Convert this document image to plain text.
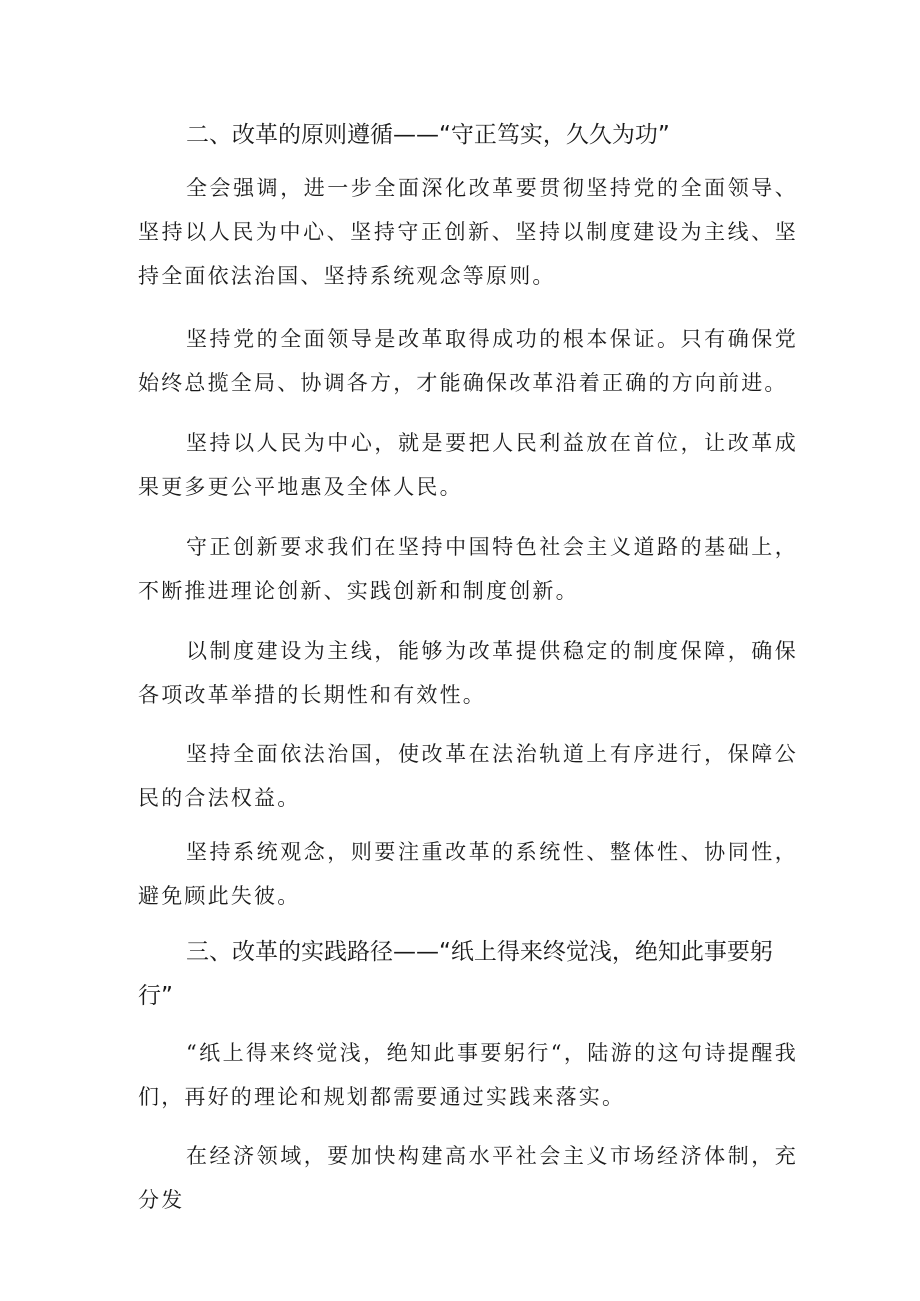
二、改革的原则遵循——“守正笃实，久久为功”

全会强调，进一步全面深化改革要贯彻坚持党的全面领导、坚持以人民为中心、坚持守正创新、坚持以制度建设为主线、坚持全面依法治国、坚持系统观念等原则。

坚持党的全面领导是改革取得成功的根本保证。只有确保党始终总揽全局、协调各方，才能确保改革沿着正确的方向前进。

坚持以人民为中心，就是要把人民利益放在首位，让改革成果更多更公平地惠及全体人民。

守正创新要求我们在坚持中国特色社会主义道路的基础上，不断推进理论创新、实践创新和制度创新。

以制度建设为主线，能够为改革提供稳定的制度保障，确保各项改革举措的长期性和有效性。

坚持全面依法治国，使改革在法治轨道上有序进行，保障公民的合法权益。

坚持系统观念，则要注重改革的系统性、整体性、协同性，避免顾此失彼。

三、改革的实践路径——“纸上得来终觉浅，绝知此事要躬行”

“纸上得来终觉浅，绝知此事要躬行“，陆游的这句诗提醒我们，再好的理论和规划都需要通过实践来落实。

在经济领域，要加快构建高水平社会主义市场经济体制，充分发
